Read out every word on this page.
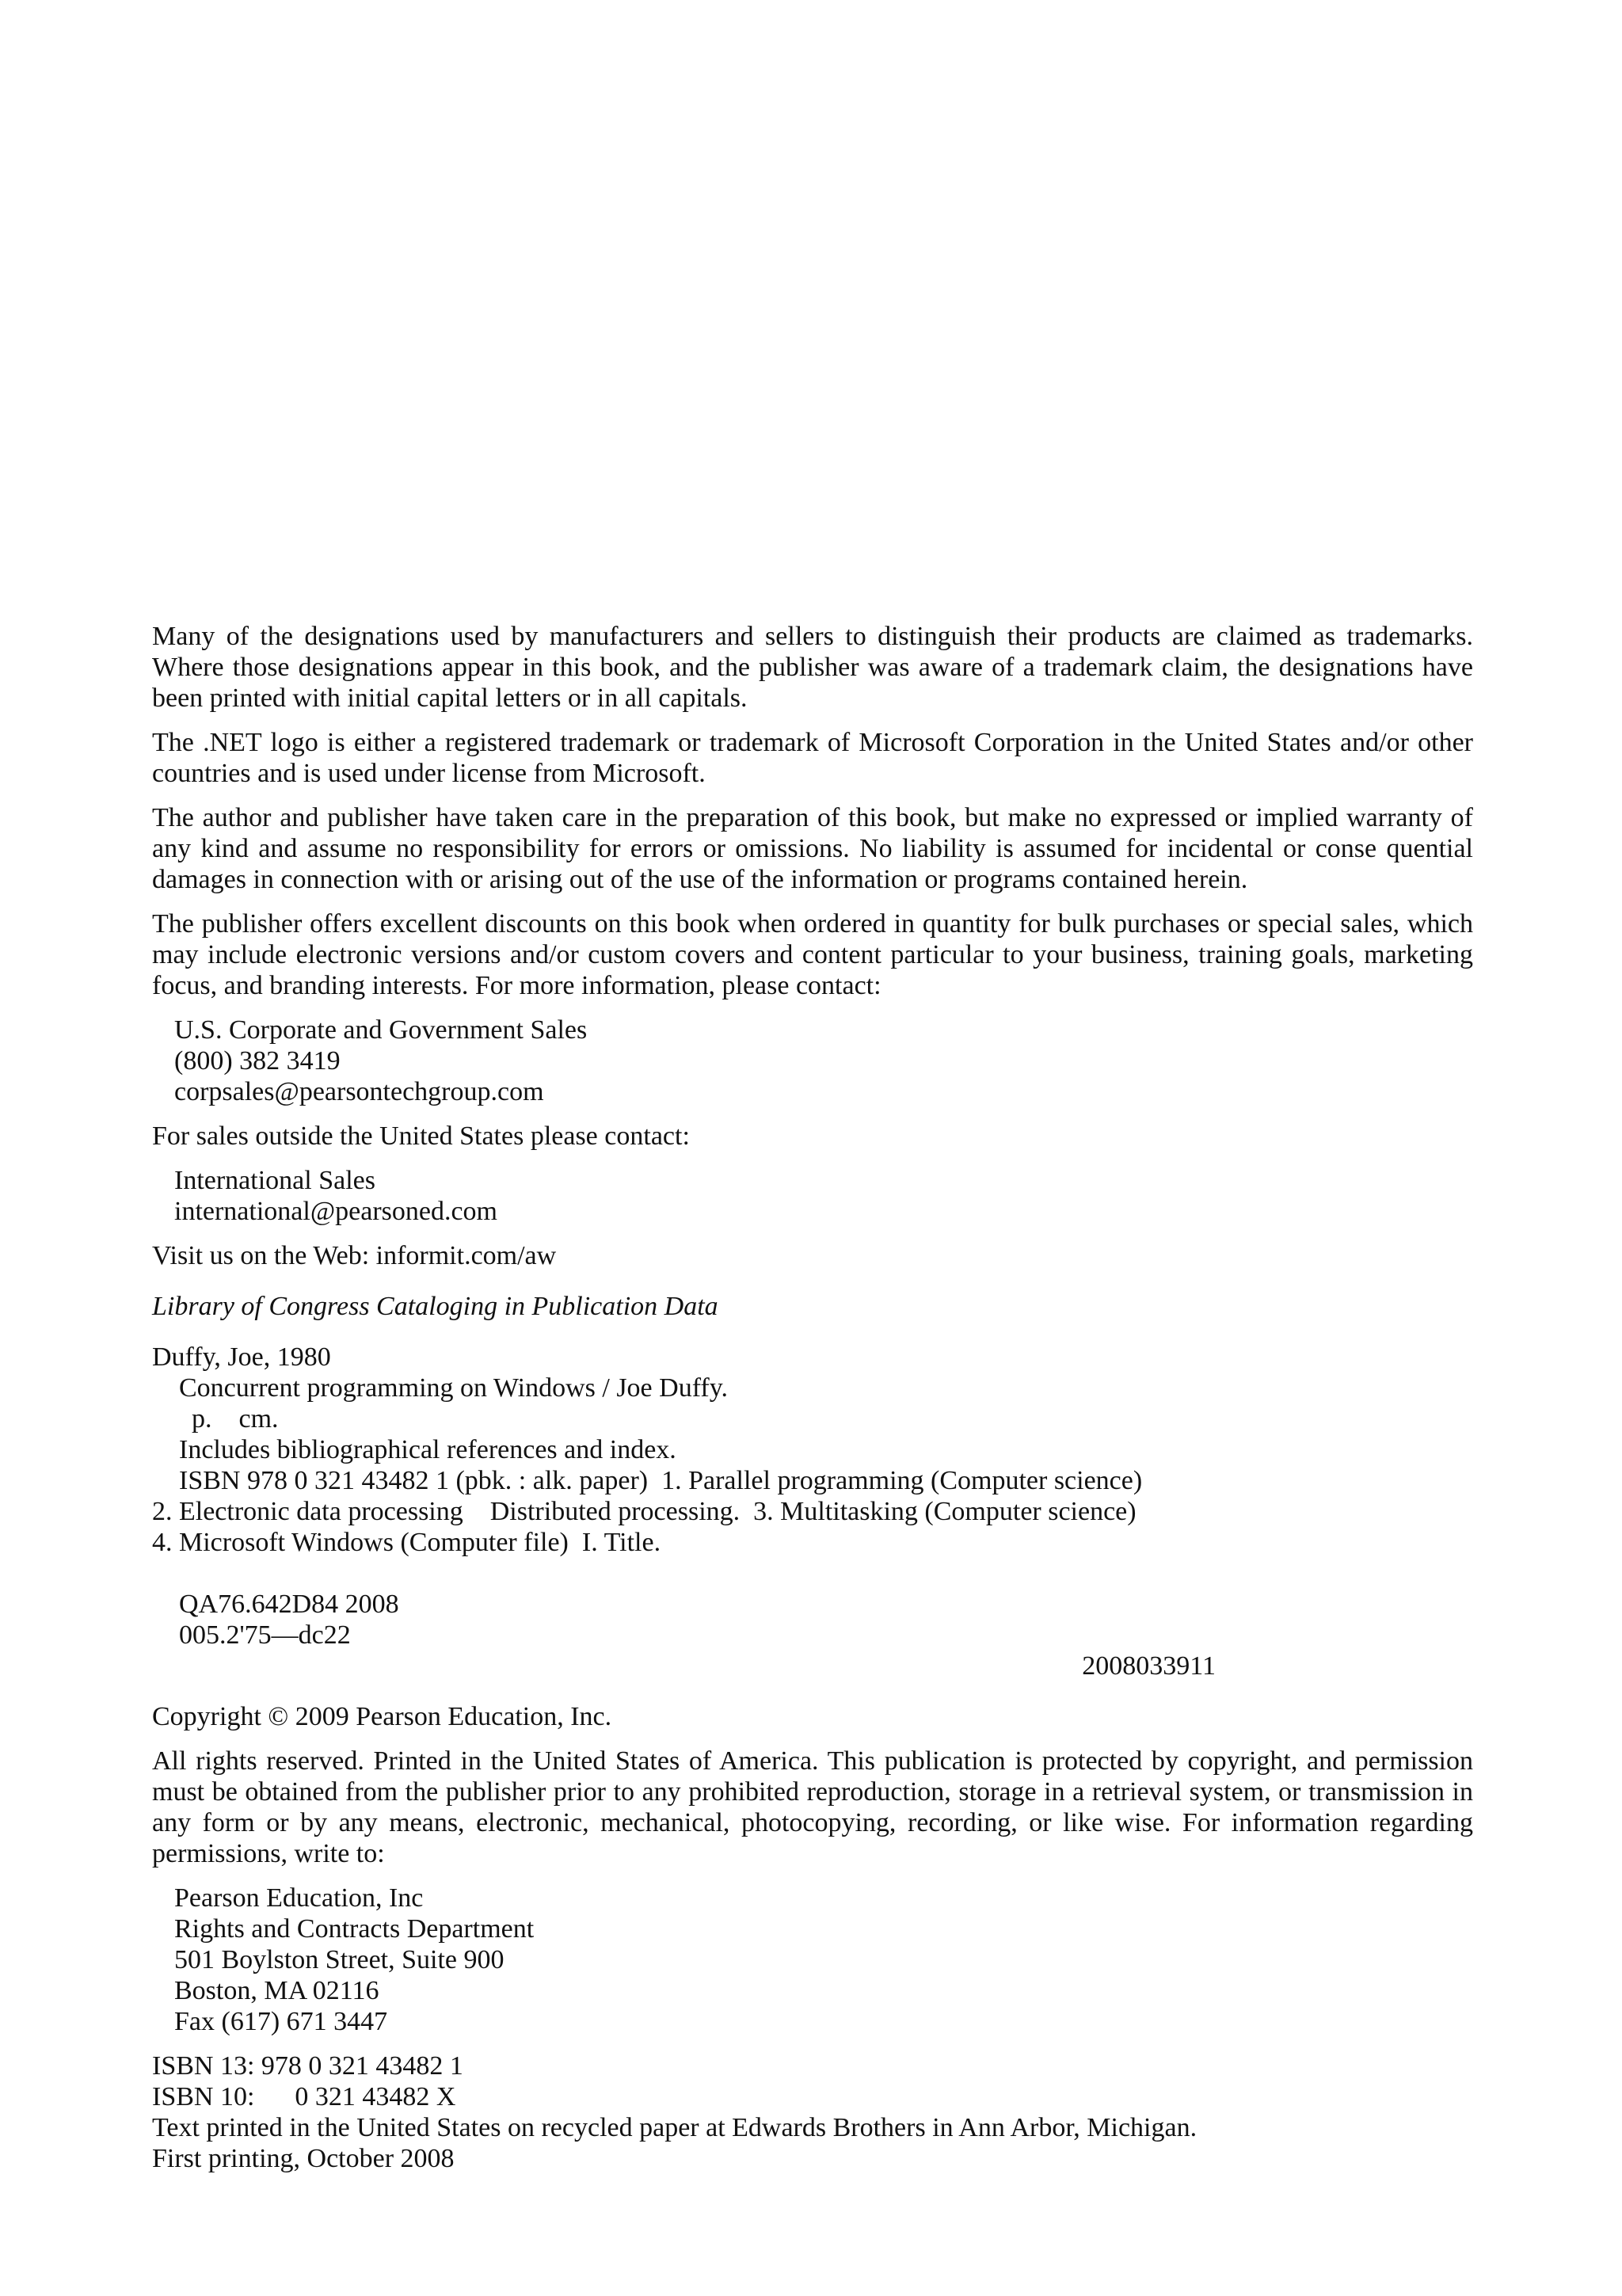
Many of the designations used by manufacturers and sellers to distinguish their products are claimed as trademarks. Where those designations appear in this book, and the publisher was aware of a trademark claim, the designations have been printed with initial capital letters or in all capitals.

The .NET logo is either a registered trademark or trademark of Microsoft Corporation in the United States and/or other countries and is used under license from Microsoft.

The author and publisher have taken care in the preparation of this book, but make no expressed or implied warranty of any kind and assume no responsibility for errors or omissions. No liability is assumed for incidental or conse quential damages in connection with or arising out of the use of the information or programs contained herein.

The publisher offers excellent discounts on this book when ordered in quantity for bulk purchases or special sales, which may include electronic versions and/or custom covers and content particular to your business, training goals, marketing focus, and branding interests. For more information, please contact:

U.S. Corporate and Government Sales
(800) 382 3419
corpsales@pearsontechgroup.com

For sales outside the United States please contact:

International Sales
international@pearsoned.com

Visit us on the Web: informit.com/aw

Library of Congress Cataloging in Publication Data

Duffy, Joe, 1980
Concurrent programming on Windows / Joe Duffy.
p.    cm.
Includes bibliographical references and index.
ISBN 978 0 321 43482 1 (pbk. : alk. paper)  1. Parallel programming (Computer science)
2. Electronic data processing    Distributed processing.  3. Multitasking (Computer science)
4. Microsoft Windows (Computer file)  I. Title.
QA76.642D84 2008
005.2'75—dc22
2008033911

Copyright © 2009 Pearson Education, Inc.

All rights reserved. Printed in the United States of America. This publication is protected by copyright, and permission must be obtained from the publisher prior to any prohibited reproduction, storage in a retrieval system, or transmission in any form or by any means, electronic, mechanical, photocopying, recording, or like wise. For information regarding permissions, write to:

Pearson Education, Inc
Rights and Contracts Department
501 Boylston Street, Suite 900
Boston, MA 02116
Fax (617) 671 3447
ISBN 13: 978 0 321 43482 1
ISBN 10:      0 321 43482 X
Text printed in the United States on recycled paper at Edwards Brothers in Ann Arbor, Michigan.
First printing, October 2008
